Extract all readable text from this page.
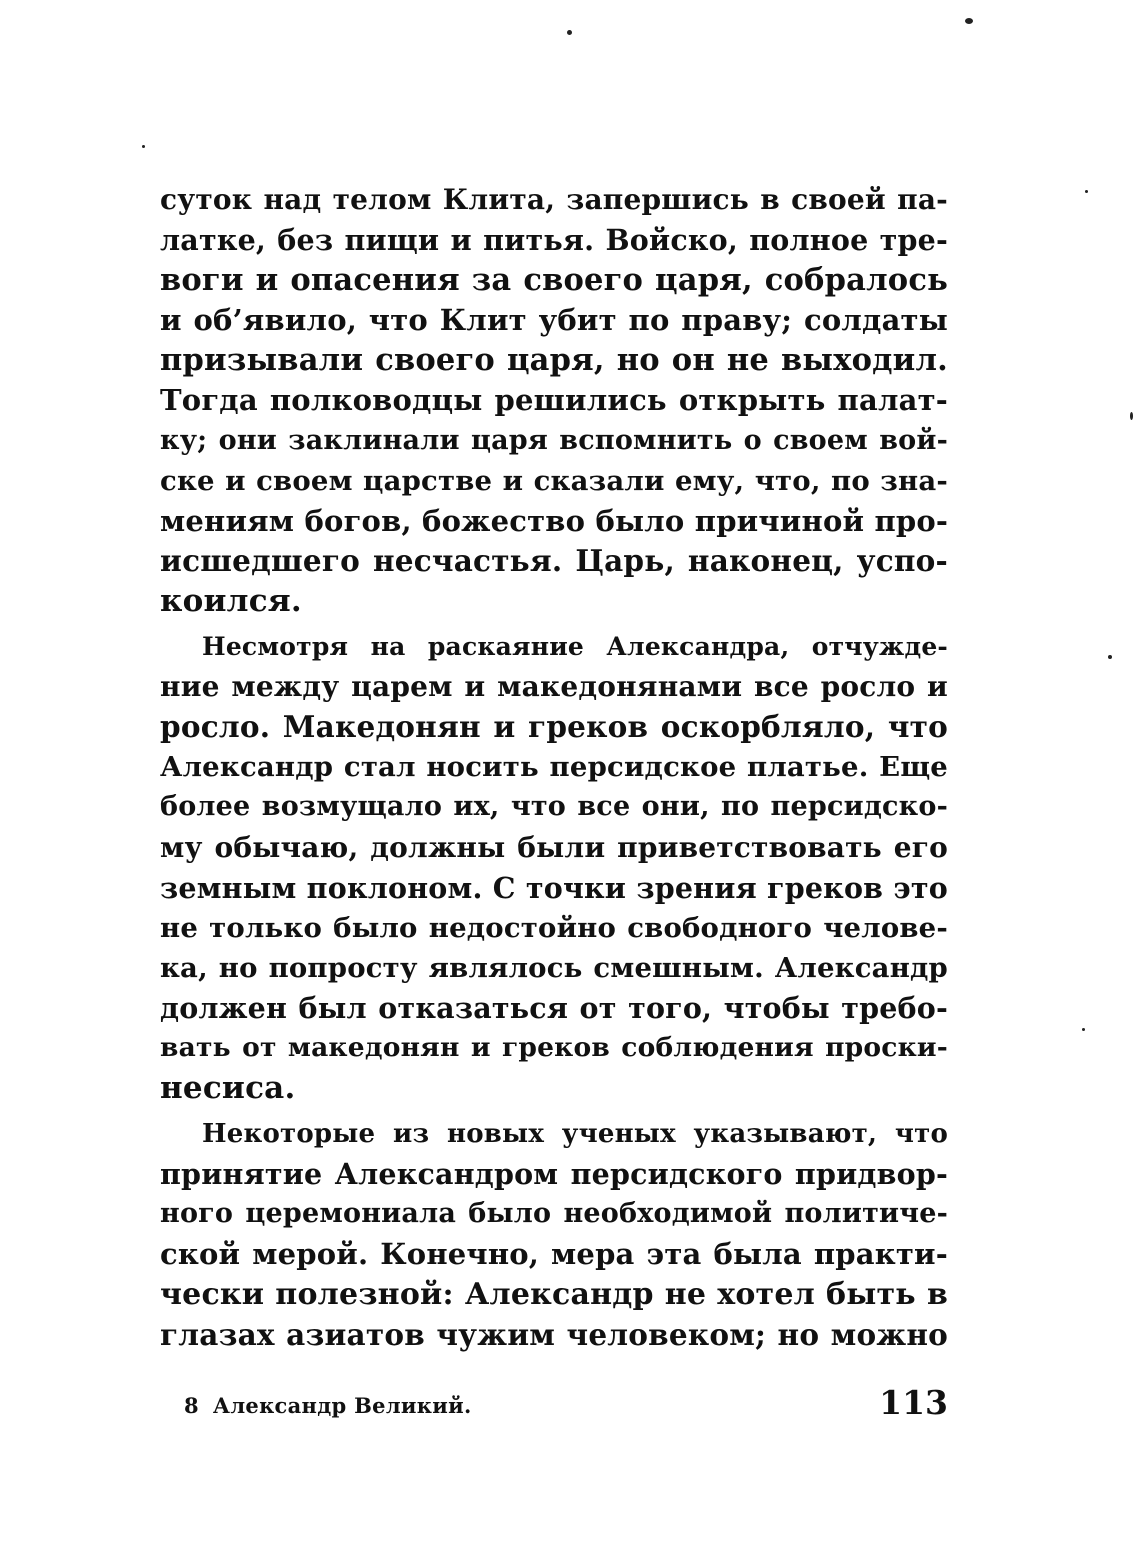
суток над телом Клита, запершись в своей па-
латке, без пищи и питья. Войско, полное тре-
воги и опасения за своего царя, собралось
и об’явило, что Клит убит по праву; солдаты
призывали своего царя, но он не выходил.
Тогда полководцы решились открыть палат-
ку; они заклинали царя вспомнить о своем вой-
ске и своем царстве и сказали ему, что, по зна-
мениям богов, божество было причиной про-
исшедшего несчастья. Царь, наконец, успо-
коился.
Несмотря на раскаяние Александра, отчужде-
ние между царем и македонянами все росло и
росло. Македонян и греков оскорбляло, что
Александр стал носить персидское платье. Еще
более возмущало их, что все они, по персидско-
му обычаю, должны были приветствовать его
земным поклоном. С точки зрения греков это
не только было недостойно свободного челове-
ка, но попросту являлось смешным. Александр
должен был отказаться от того, чтобы требо-
вать от македонян и греков соблюдения проски-
несиса.
Некоторые из новых ученых указывают, что
принятие Александром персидского придвор-
ного церемониала было необходимой политиче-
ской мерой. Конечно, мера эта была практи-
чески полезной: Александр не хотел быть в
глазах азиатов чужим человеком; но можно
8 Александр Великий.	113
